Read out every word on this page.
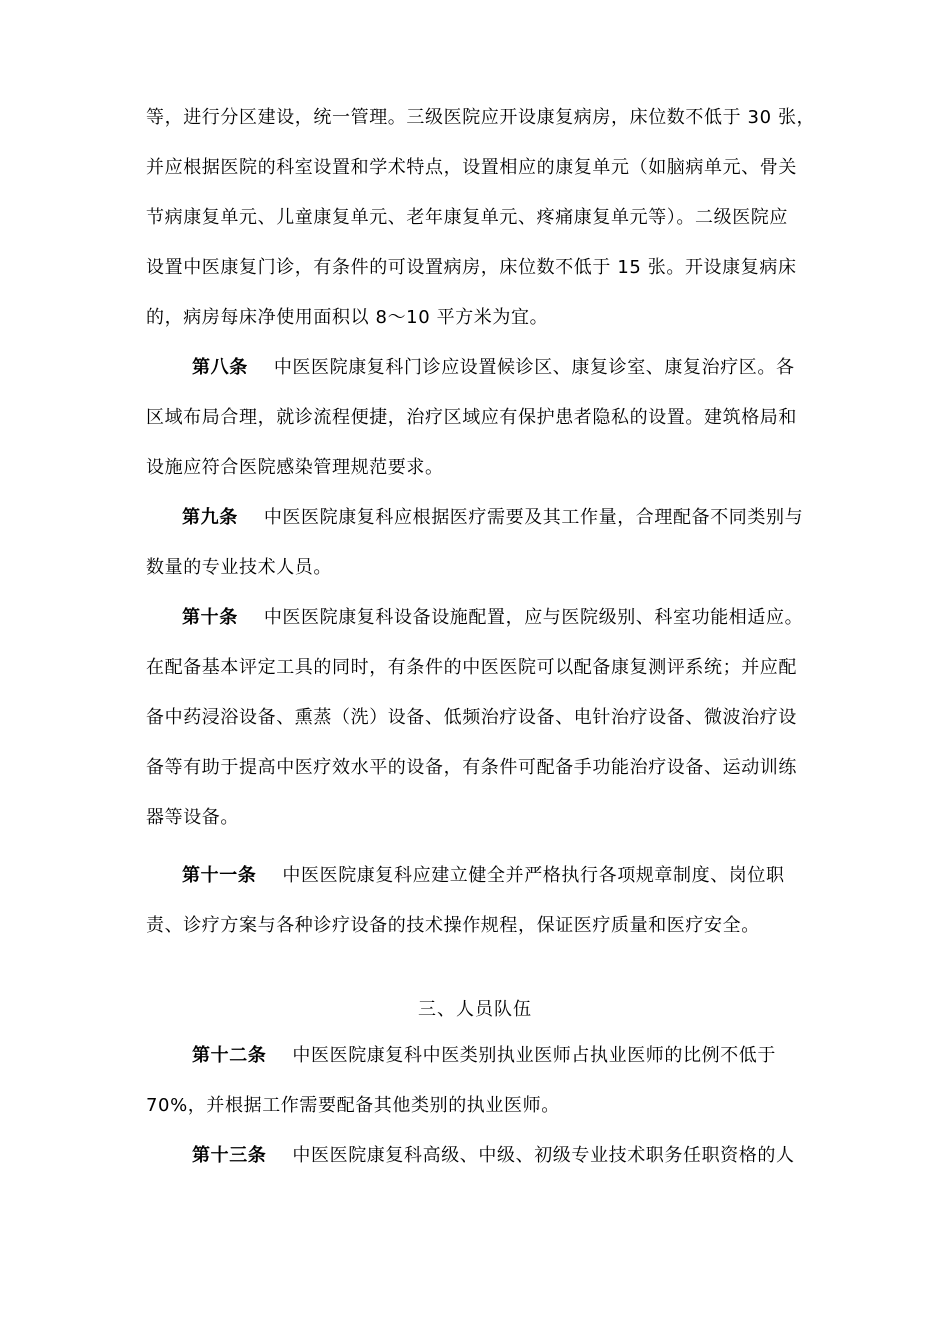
等，进行分区建设，统一管理。三级医院应开设康复病房，床位数不低于 30 张，
并应根据医院的科室设置和学术特点，设置相应的康复单元（如脑病单元、骨关
节病康复单元、儿童康复单元、老年康复单元、疼痛康复单元等）。二级医院应
设置中医康复门诊，有条件的可设置病房，床位数不低于 15 张。开设康复病床
的，病房每床净使用面积以 8～10 平方米为宜。
第八条 中医医院康复科门诊应设置候诊区、康复诊室、康复治疗区。各
区域布局合理，就诊流程便捷，治疗区域应有保护患者隐私的设置。建筑格局和
设施应符合医院感染管理规范要求。
第九条 中医医院康复科应根据医疗需要及其工作量，合理配备不同类别与
数量的专业技术人员。
第十条 中医医院康复科设备设施配置，应与医院级别、科室功能相适应。
在配备基本评定工具的同时，有条件的中医医院可以配备康复测评系统；并应配
备中药浸浴设备、熏蒸（洗）设备、低频治疗设备、电针治疗设备、微波治疗设
备等有助于提高中医疗效水平的设备，有条件可配备手功能治疗设备、运动训练
器等设备。
第十一条 中医医院康复科应建立健全并严格执行各项规章制度、岗位职
责、诊疗方案与各种诊疗设备的技术操作规程，保证医疗质量和医疗安全。
三、人员队伍
第十二条 中医医院康复科中医类别执业医师占执业医师的比例不低于
70%，并根据工作需要配备其他类别的执业医师。
第十三条 中医医院康复科高级、中级、初级专业技术职务任职资格的人
